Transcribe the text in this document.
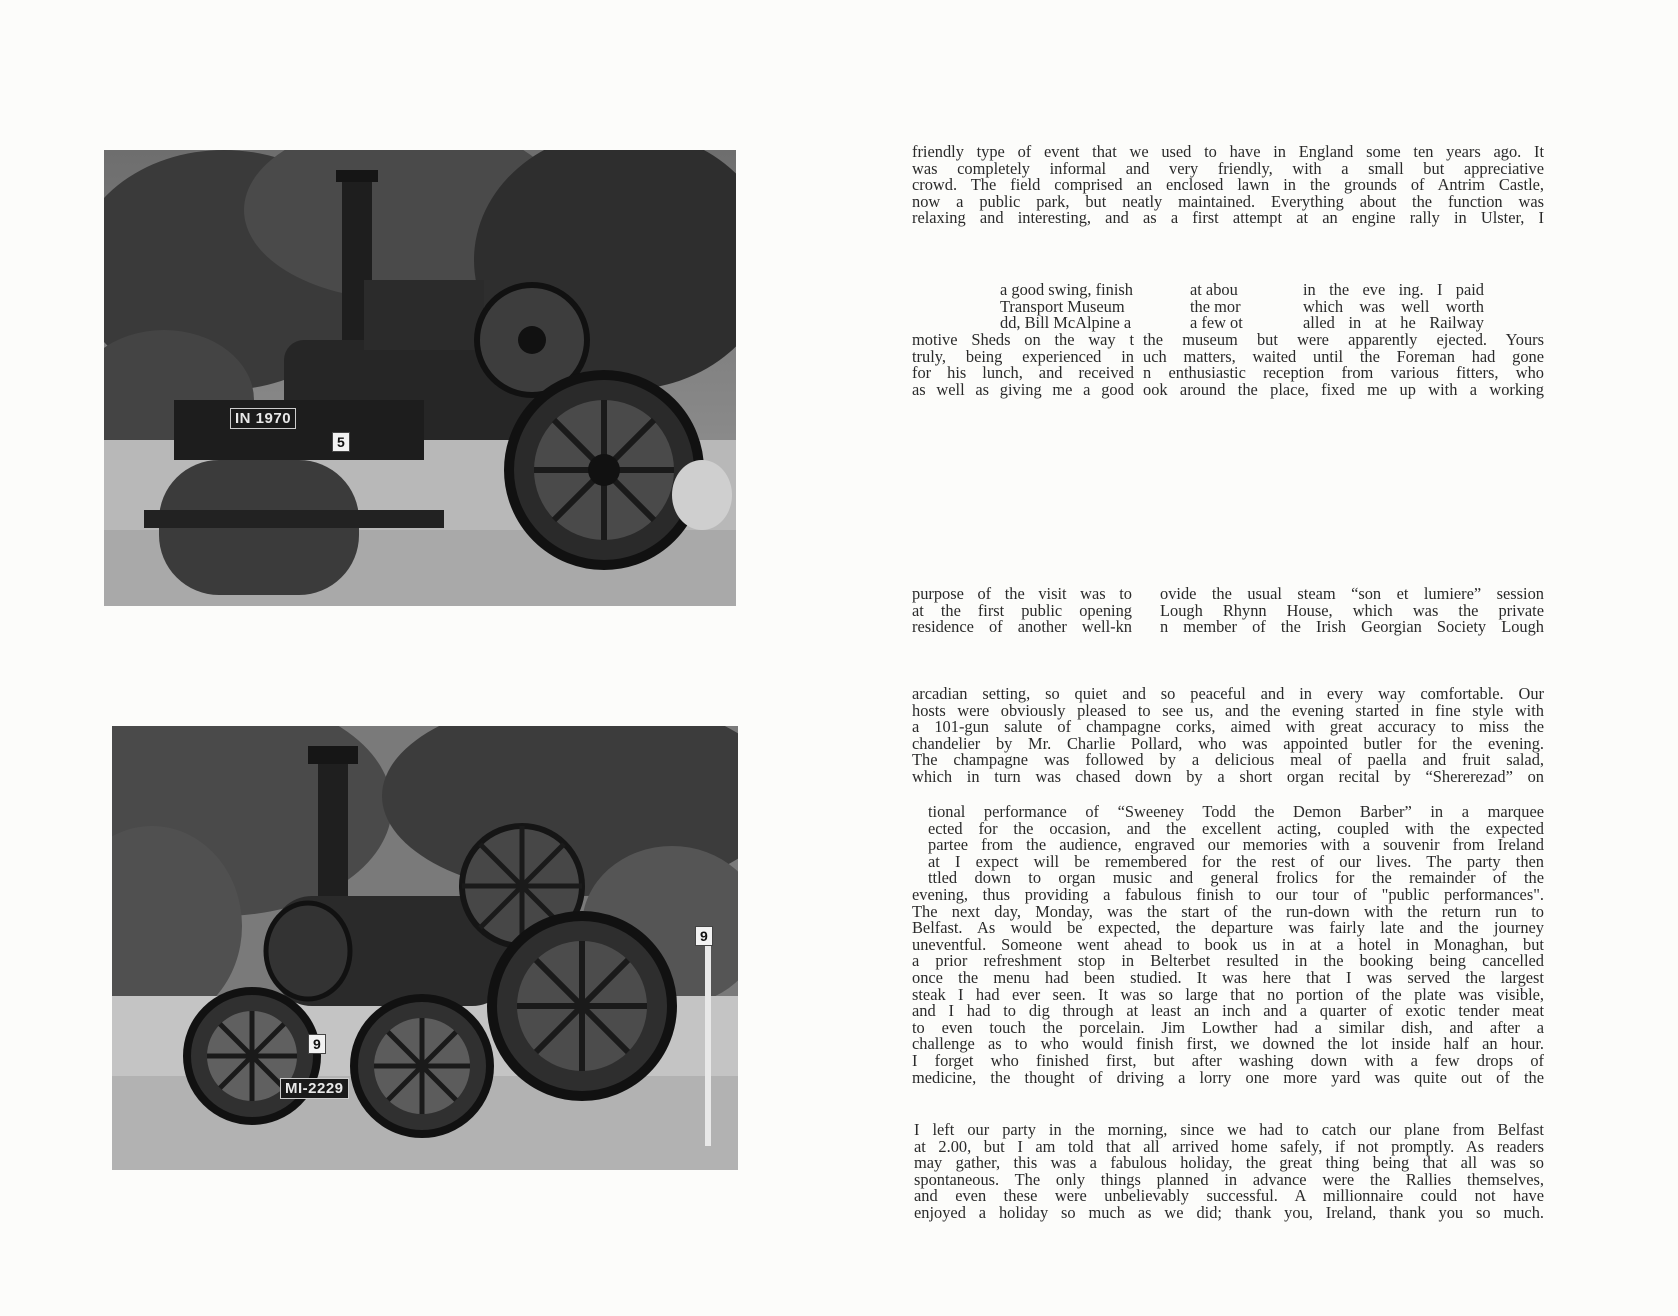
IN 1970
5
MI-2229
9
9
friendly type of event that we used to have in England some ten years ago. It
was completely informal and very friendly, with a small but appreciative
crowd. The field comprised an enclosed lawn in the grounds of Antrim Castle,
now a public park, but neatly maintained. Everything about the function was
relaxing and interesting, and as a first attempt at an engine rally in Ulster, I
a good swing, finish
Transport Museum
dd, Bill McAlpine a
at abou
the mor
a few ot
in the eve ing. I paid
which was well worth
alled in at he Railway
motive Sheds on the way t
truly, being experienced in
for his lunch, and received
as well as giving me a good
the museum but were apparently ejected. Yours
uch matters, waited until the Foreman had gone
n enthusiastic reception from various fitters, who
ook around the place, fixed me up with a working
purpose of the visit was to
at the first public opening
residence of another well-kn
ovide the usual steam “son et lumiere” session
Lough Rhynn House, which was the private
n member of the Irish Georgian Society Lough
arcadian setting, so quiet and so peaceful and in every way comfortable. Our
hosts were obviously pleased to see us, and the evening started in fine style with
a 101-gun salute of champagne corks, aimed with great accuracy to miss the
chandelier by Mr. Charlie Pollard, who was appointed butler for the evening.
The champagne was followed by a delicious meal of paella and fruit salad,
which in turn was chased down by a short organ recital by “Shererezad” on
tional performance of “Sweeney Todd the Demon Barber” in a marquee
ected for the occasion, and the excellent acting, coupled with the expected
partee from the audience, engraved our memories with a souvenir from Ireland
at I expect will be remembered for the rest of our lives. The party then
ttled down to organ music and general frolics for the remainder of the
evening, thus providing a fabulous finish to our tour of "public performances".
The next day, Monday, was the start of the run-down with the return run to
Belfast. As would be expected, the departure was fairly late and the journey
uneventful. Someone went ahead to book us in at a hotel in Monaghan, but
a prior refreshment stop in Belterbet resulted in the booking being cancelled
once the menu had been studied. It was here that I was served the largest
steak I had ever seen. It was so large that no portion of the plate was visible,
and I had to dig through at least an inch and a quarter of exotic tender meat
to even touch the porcelain. Jim Lowther had a similar dish, and after a
challenge as to who would finish first, we downed the lot inside half an hour.
I forget who finished first, but after washing down with a few drops of
medicine, the thought of driving a lorry one more yard was quite out of the
I left our party in the morning, since we had to catch our plane from Belfast
at 2.00, but I am told that all arrived home safely, if not promptly. As readers
may gather, this was a fabulous holiday, the great thing being that all was so
spontaneous. The only things planned in advance were the Rallies themselves,
and even these were unbelievably successful. A millionnaire could not have
enjoyed a holiday so much as we did; thank you, Ireland, thank you so much.
